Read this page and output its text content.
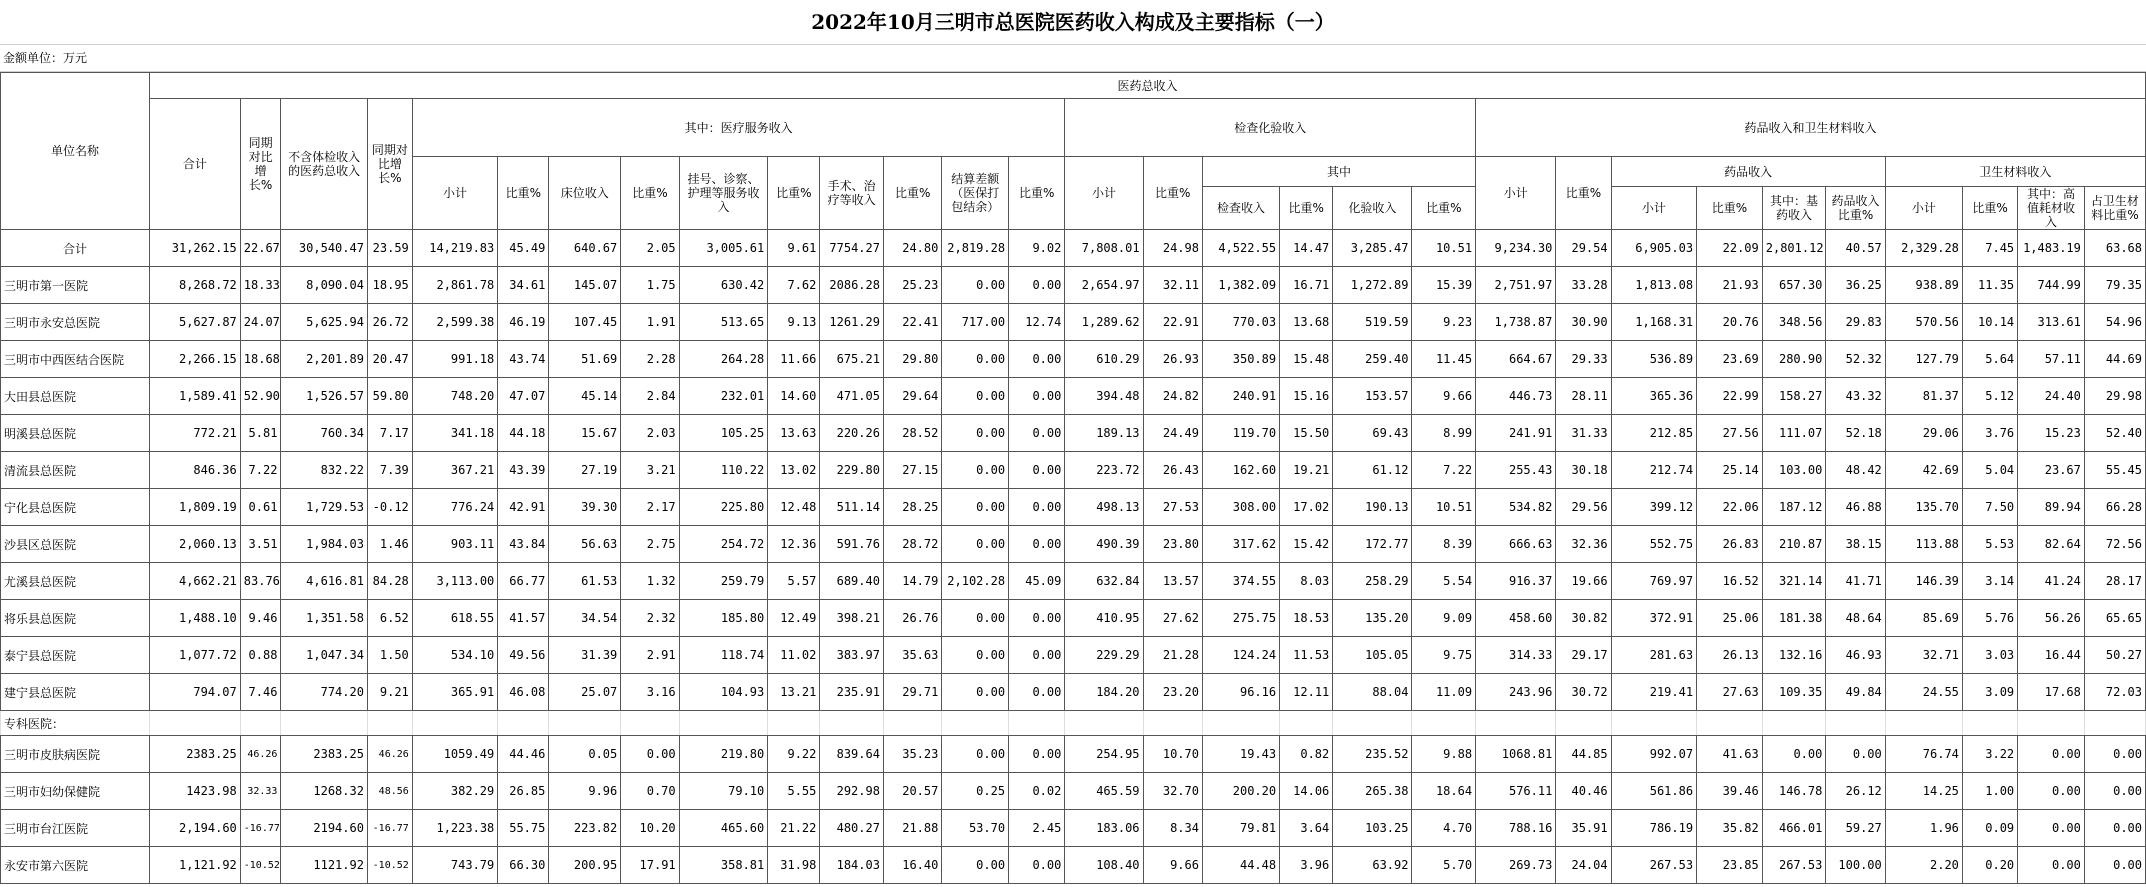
2022年10月三明市总医院医药收入构成及主要指标（一）
金额单位：万元
单位名称	医药总收入																													
	合计	同期对比增长%	不含体检收入的医药总收入	同期对比增长%	其中：医疗服务收入										检查化验收入						药品收入和卫生材料收入									
					小计	比重%	床位收入	比重%	挂号、诊察、护理等服务收入	比重%	手术、治疗等收入	比重%	结算差额（医保打包结余）	比重%	小计	比重%	其中				小计	比重%	药品收入				卫生材料收入			
																	检查收入	比重%	化验收入	比重%			小计	比重%	其中：基药收入	药品收入比重%	小计	比重%	其中：高值耗材收入	占卫生材料比重%
合计	31,262.15	22.67	30,540.47	23.59	14,219.83	45.49	640.67	2.05	3,005.61	9.61	7754.27	24.80	2,819.28	9.02	7,808.01	24.98	4,522.55	14.47	3,285.47	10.51	9,234.30	29.54	6,905.03	22.09	2,801.12	40.57	2,329.28	7.45	1,483.19	63.68
三明市第一医院	8,268.72	18.33	8,090.04	18.95	2,861.78	34.61	145.07	1.75	630.42	7.62	2086.28	25.23	0.00	0.00	2,654.97	32.11	1,382.09	16.71	1,272.89	15.39	2,751.97	33.28	1,813.08	21.93	657.30	36.25	938.89	11.35	744.99	79.35
三明市永安总医院	5,627.87	24.07	5,625.94	26.72	2,599.38	46.19	107.45	1.91	513.65	9.13	1261.29	22.41	717.00	12.74	1,289.62	22.91	770.03	13.68	519.59	9.23	1,738.87	30.90	1,168.31	20.76	348.56	29.83	570.56	10.14	313.61	54.96
三明市中西医结合医院	2,266.15	18.68	2,201.89	20.47	991.18	43.74	51.69	2.28	264.28	11.66	675.21	29.80	0.00	0.00	610.29	26.93	350.89	15.48	259.40	11.45	664.67	29.33	536.89	23.69	280.90	52.32	127.79	5.64	57.11	44.69
大田县总医院	1,589.41	52.90	1,526.57	59.80	748.20	47.07	45.14	2.84	232.01	14.60	471.05	29.64	0.00	0.00	394.48	24.82	240.91	15.16	153.57	9.66	446.73	28.11	365.36	22.99	158.27	43.32	81.37	5.12	24.40	29.98
明溪县总医院	772.21	5.81	760.34	7.17	341.18	44.18	15.67	2.03	105.25	13.63	220.26	28.52	0.00	0.00	189.13	24.49	119.70	15.50	69.43	8.99	241.91	31.33	212.85	27.56	111.07	52.18	29.06	3.76	15.23	52.40
清流县总医院	846.36	7.22	832.22	7.39	367.21	43.39	27.19	3.21	110.22	13.02	229.80	27.15	0.00	0.00	223.72	26.43	162.60	19.21	61.12	7.22	255.43	30.18	212.74	25.14	103.00	48.42	42.69	5.04	23.67	55.45
宁化县总医院	1,809.19	0.61	1,729.53	-0.12	776.24	42.91	39.30	2.17	225.80	12.48	511.14	28.25	0.00	0.00	498.13	27.53	308.00	17.02	190.13	10.51	534.82	29.56	399.12	22.06	187.12	46.88	135.70	7.50	89.94	66.28
沙县区总医院	2,060.13	3.51	1,984.03	1.46	903.11	43.84	56.63	2.75	254.72	12.36	591.76	28.72	0.00	0.00	490.39	23.80	317.62	15.42	172.77	8.39	666.63	32.36	552.75	26.83	210.87	38.15	113.88	5.53	82.64	72.56
尤溪县总医院	4,662.21	83.76	4,616.81	84.28	3,113.00	66.77	61.53	1.32	259.79	5.57	689.40	14.79	2,102.28	45.09	632.84	13.57	374.55	8.03	258.29	5.54	916.37	19.66	769.97	16.52	321.14	41.71	146.39	3.14	41.24	28.17
将乐县总医院	1,488.10	9.46	1,351.58	6.52	618.55	41.57	34.54	2.32	185.80	12.49	398.21	26.76	0.00	0.00	410.95	27.62	275.75	18.53	135.20	9.09	458.60	30.82	372.91	25.06	181.38	48.64	85.69	5.76	56.26	65.65
泰宁县总医院	1,077.72	0.88	1,047.34	1.50	534.10	49.56	31.39	2.91	118.74	11.02	383.97	35.63	0.00	0.00	229.29	21.28	124.24	11.53	105.05	9.75	314.33	29.17	281.63	26.13	132.16	46.93	32.71	3.03	16.44	50.27
建宁县总医院	794.07	7.46	774.20	9.21	365.91	46.08	25.07	3.16	104.93	13.21	235.91	29.71	0.00	0.00	184.20	23.20	96.16	12.11	88.04	11.09	243.96	30.72	219.41	27.63	109.35	49.84	24.55	3.09	17.68	72.03
专科医院：																														
三明市皮肤病医院	2383.25	46.26	2383.25	46.26	1059.49	44.46	0.05	0.00	219.80	9.22	839.64	35.23	0.00	0.00	254.95	10.70	19.43	0.82	235.52	9.88	1068.81	44.85	992.07	41.63	0.00	0.00	76.74	3.22	0.00	0.00
三明市妇幼保健院	1423.98	32.33	1268.32	48.56	382.29	26.85	9.96	0.70	79.10	5.55	292.98	20.57	0.25	0.02	465.59	32.70	200.20	14.06	265.38	18.64	576.11	40.46	561.86	39.46	146.78	26.12	14.25	1.00	0.00	0.00
三明市台江医院	2,194.60	-16.77	2194.60	-16.77	1,223.38	55.75	223.82	10.20	465.60	21.22	480.27	21.88	53.70	2.45	183.06	8.34	79.81	3.64	103.25	4.70	788.16	35.91	786.19	35.82	466.01	59.27	1.96	0.09	0.00	0.00
永安市第六医院	1,121.92	-10.52	1121.92	-10.52	743.79	66.30	200.95	17.91	358.81	31.98	184.03	16.40	0.00	0.00	108.40	9.66	44.48	3.96	63.92	5.70	269.73	24.04	267.53	23.85	267.53	100.00	2.20	0.20	0.00	0.00
